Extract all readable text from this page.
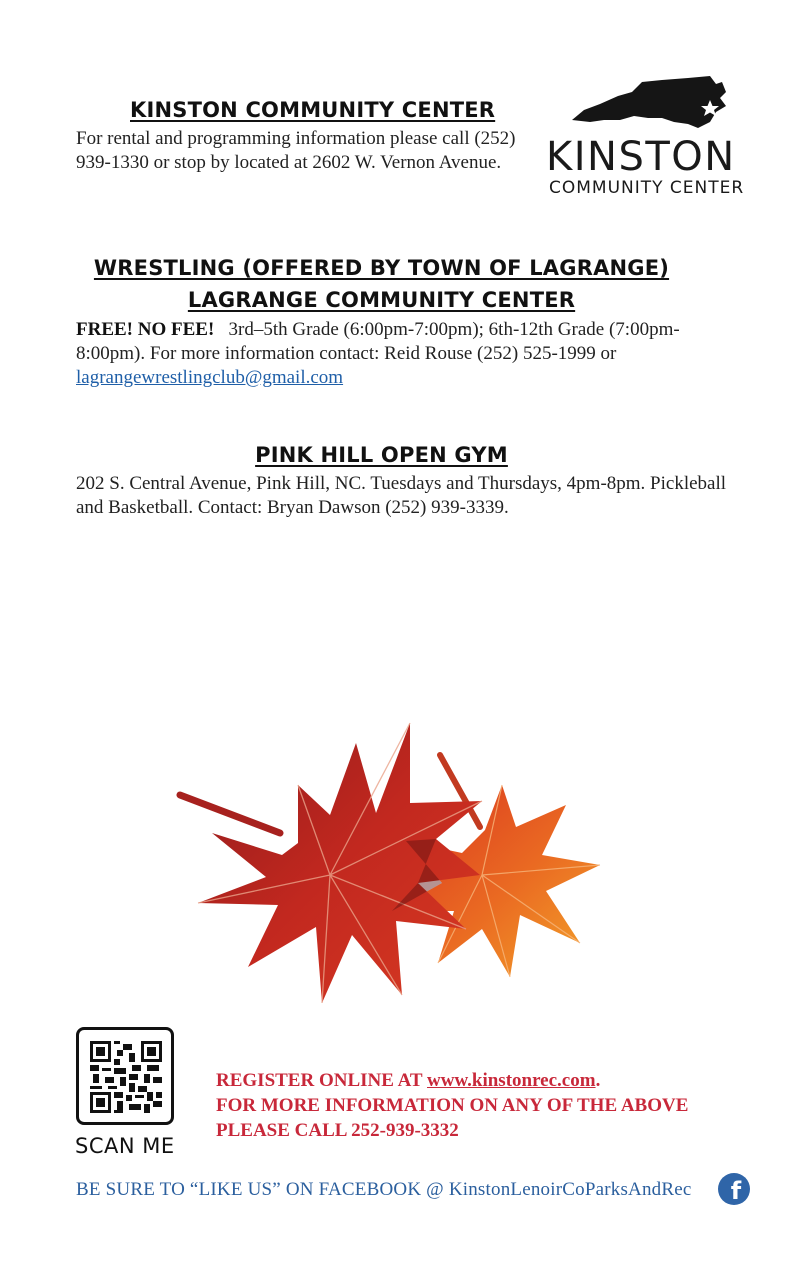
KINSTON COMMUNITY CENTER
For rental and programming information please call (252) 939-1330 or stop by located at 2602 W. Vernon Avenue.	KINSTON
COMMUNITY CENTER
WRESTLING (OFFERED BY TOWN OF LAGRANGE)
LAGRANGE COMMUNITY CENTER
FREE! NO FEE! 3rd–5th Grade (6:00pm-7:00pm); 6th-12th Grade (7:00pm-8:00pm). For more information contact: Reid Rouse (252) 525-1999 or
lagrangewrestlingclub@gmail.com
PINK HILL OPEN GYM
202 S. Central Avenue, Pink Hill, NC. Tuesdays and Thursdays, 4pm-8pm. Pickleball and Basketball. Contact: Bryan Dawson (252) 939-3339.
SCAN ME
REGISTER ONLINE AT www.kinstonrec.com.
FOR MORE INFORMATION ON ANY OF THE ABOVE
PLEASE CALL 252-939-3332
BE SURE TO “LIKE US” ON FACEBOOK @ KinstonLenoirCoParksAndRec f
